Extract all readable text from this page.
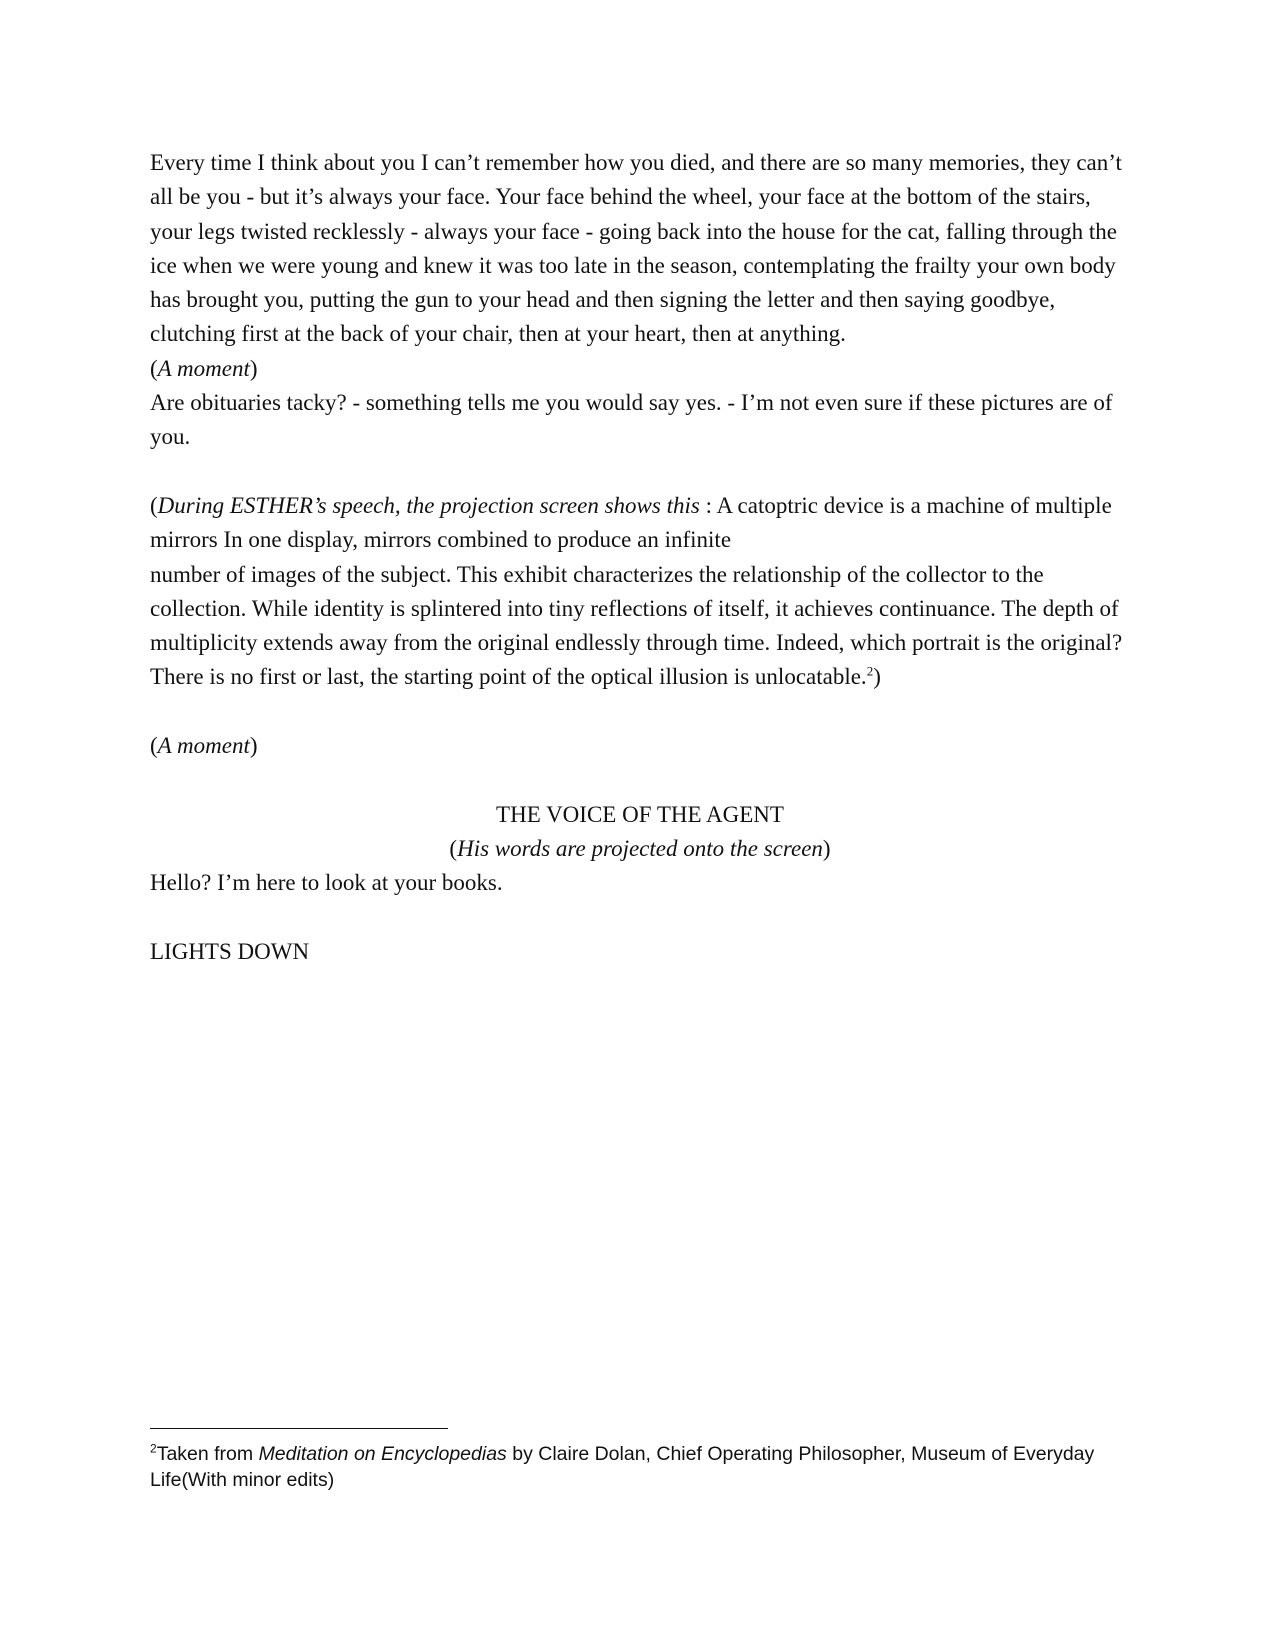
Every time I think about you I can’t remember how you died, and there are so many memories, they can’t all be you - but it’s always your face. Your face behind the wheel, your face at the bottom of the stairs, your legs twisted recklessly - always your face - going back into the house for the cat, falling through the ice when we were young and knew it was too late in the season, contemplating the frailty your own body has brought you, putting the gun to your head and then signing the letter and then saying goodbye, clutching first at the back of your chair, then at your heart, then at anything.

(A moment)

Are obituaries tacky? - something tells me you would say yes. - I’m not even sure if these pictures are of you.

(During ESTHER’s speech, the projection screen shows this : A catoptric device is a machine of multiple mirrors In one display, mirrors combined to produce an infinite
number of images of the subject. This exhibit characterizes the relationship of the collector to the collection. While identity is splintered into tiny reflections of itself, it achieves continuance. The depth of multiplicity extends away from the original endlessly through time. Indeed, which portrait is the original? There is no first or last, the starting point of the optical illusion is unlocatable.$^2$)

(A moment)

THE VOICE OF THE AGENT

(His words are projected onto the screen)

Hello? I’m here to look at your books.

LIGHTS DOWN

$^2$Taken from Meditation on Encyclopedias by Claire Dolan, Chief Operating Philosopher, Museum of Everyday Life(With minor edits)
